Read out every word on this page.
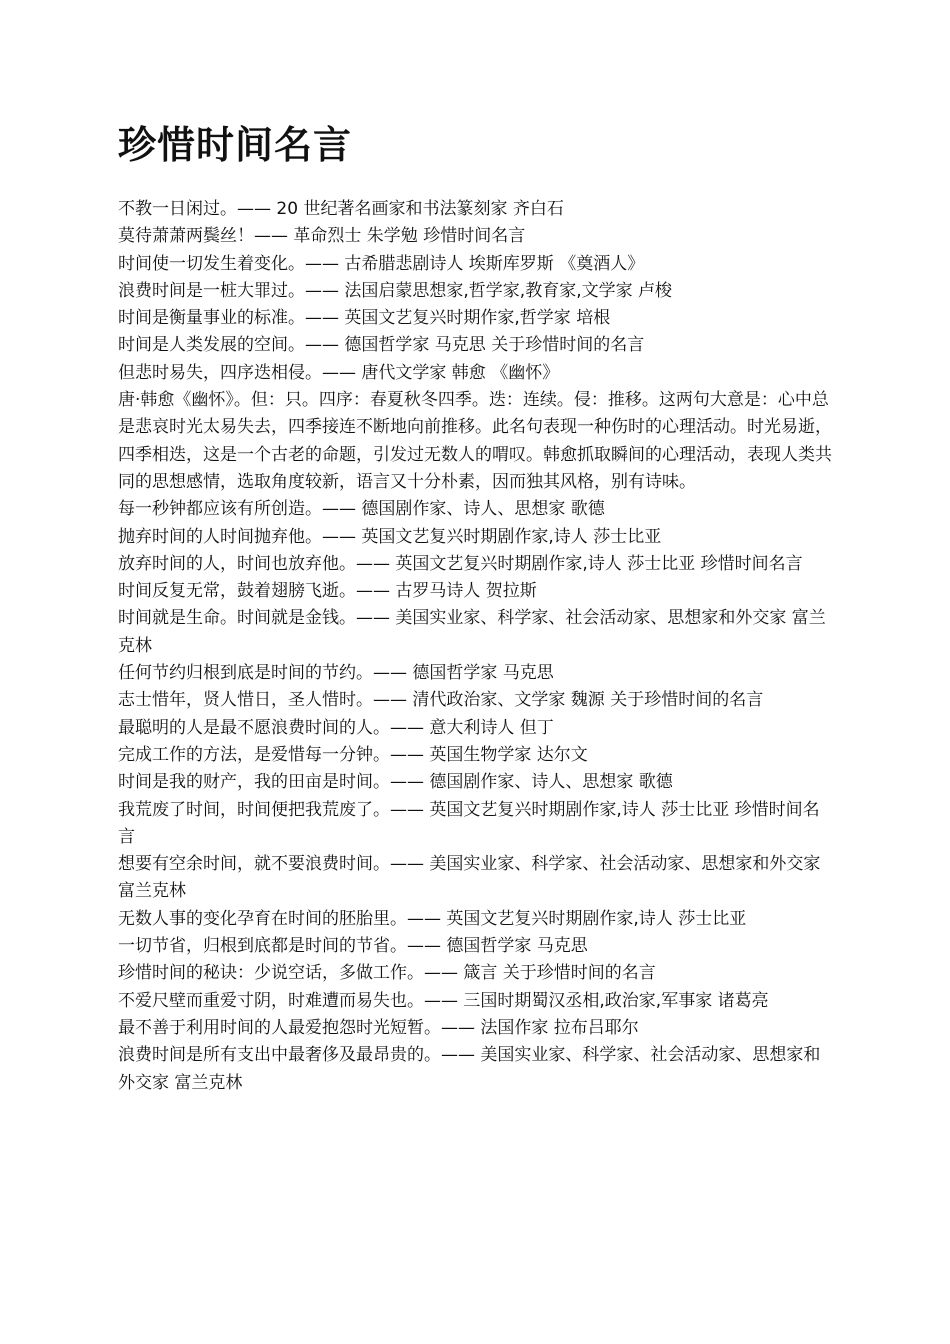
珍惜时间名言

不教一日闲过。—— 20 世纪著名画家和书法篆刻家 齐白石

莫待萧萧两鬓丝！—— 革命烈士 朱学勉 珍惜时间名言

时间使一切发生着变化。—— 古希腊悲剧诗人 埃斯库罗斯 《奠酒人》

浪费时间是一桩大罪过。—— 法国启蒙思想家,哲学家,教育家,文学家 卢梭

时间是衡量事业的标准。—— 英国文艺复兴时期作家,哲学家 培根

时间是人类发展的空间。—— 德国哲学家 马克思 关于珍惜时间的名言

但悲时易失，四序迭相侵。—— 唐代文学家 韩愈 《幽怀》

唐·韩愈《幽怀》。但：只。四序：春夏秋冬四季。迭：连续。侵：推移。这两句大意是：心中总是悲哀时光太易失去，四季接连不断地向前推移。此名句表现一种伤时的心理活动。时光易逝，四季相迭，这是一个古老的命题，引发过无数人的喟叹。韩愈抓取瞬间的心理活动，表现人类共同的思想感情，选取角度较新，语言又十分朴素，因而独其风格，别有诗味。

每一秒钟都应该有所创造。—— 德国剧作家、诗人、思想家 歌德

抛弃时间的人时间抛弃他。—— 英国文艺复兴时期剧作家,诗人 莎士比亚

放弃时间的人，时间也放弃他。—— 英国文艺复兴时期剧作家,诗人 莎士比亚 珍惜时间名言

时间反复无常，鼓着翅膀飞逝。—— 古罗马诗人 贺拉斯

时间就是生命。时间就是金钱。—— 美国实业家、科学家、社会活动家、思想家和外交家 富兰克林

任何节约归根到底是时间的节约。—— 德国哲学家 马克思

志士惜年，贤人惜日，圣人惜时。—— 清代政治家、文学家 魏源 关于珍惜时间的名言

最聪明的人是最不愿浪费时间的人。—— 意大利诗人 但丁

完成工作的方法，是爱惜每一分钟。—— 英国生物学家 达尔文

时间是我的财产，我的田亩是时间。—— 德国剧作家、诗人、思想家 歌德

我荒废了时间，时间便把我荒废了。—— 英国文艺复兴时期剧作家,诗人 莎士比亚 珍惜时间名言

想要有空余时间，就不要浪费时间。—— 美国实业家、科学家、社会活动家、思想家和外交家 富兰克林

无数人事的变化孕育在时间的胚胎里。—— 英国文艺复兴时期剧作家,诗人 莎士比亚

一切节省，归根到底都是时间的节省。—— 德国哲学家 马克思

珍惜时间的秘诀：少说空话，多做工作。—— 箴言 关于珍惜时间的名言

不爱尺壁而重爱寸阴，时难遭而易失也。—— 三国时期蜀汉丞相,政治家,军事家 诸葛亮

最不善于利用时间的人最爱抱怨时光短暂。—— 法国作家 拉布吕耶尔

浪费时间是所有支出中最奢侈及最昂贵的。—— 美国实业家、科学家、社会活动家、思想家和外交家 富兰克林
